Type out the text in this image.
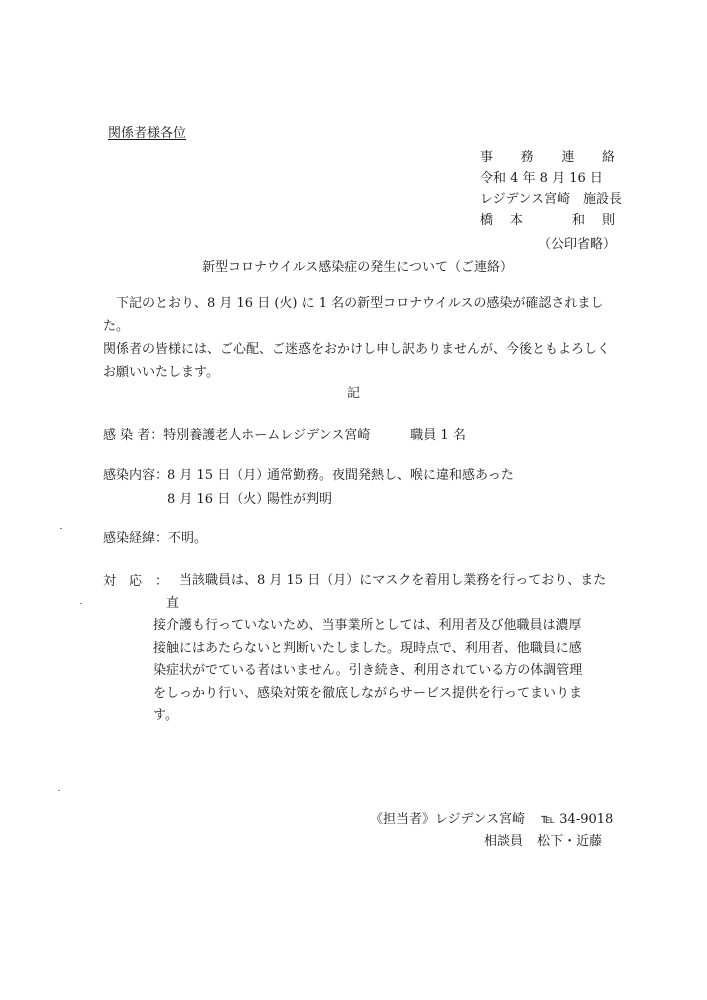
関係者様各位
事 務 連 絡
令和 4 年 8 月 16 日
レジデンス宮崎　施設長
橋 本	和 則
（公印省略）
新型コロナウイルス感染症の発生について（ご連絡）
下記のとおり、8 月 16 日 (火) に 1 名の新型コロナウイルスの感染が確認されました。
関係者の皆様には、ご心配、ご迷惑をおかけし申し訳ありませんが、今後ともよろしく
お願いいたします。
記
感 染 者： 特別養護老人ホームレジデンス宮崎	職員 1 名
感染内容：
8 月 15 日（月）
通常勤務。夜間発熱し、喉に違和感あった
8 月 16 日（火）
陽性が判明
感染経緯： 不明。
対　応　： 当該職員は、8 月 15 日（月）にマスクを着用し業務を行っており、また直
接介護も行っていないため、当事業所としては、利用者及び他職員は濃厚
接触にはあたらないと判断いたしました。現時点で、利用者、他職員に感
染症状がでている者はいません。引き続き、利用されている方の体調管理
をしっかり行い、感染対策を徹底しながらサービス提供を行ってまいりま
す。
《担当者》レジデンス宮崎 ℡ 34-9018
相談員 松下・近藤
